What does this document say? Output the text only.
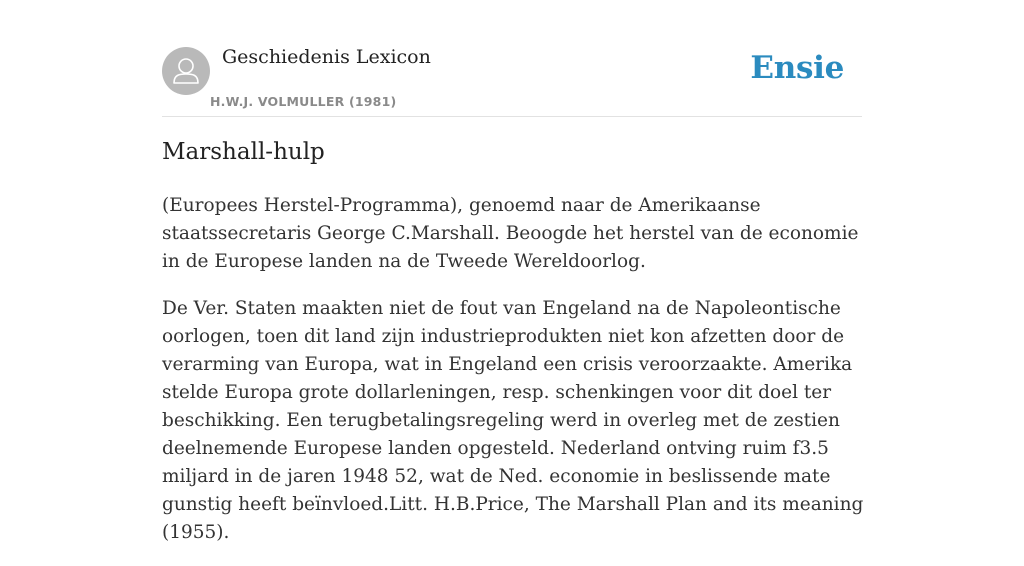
Geschiedenis Lexicon
H.W.J. VOLMULLER (1981)
Ensie
Marshall-hulp

(Europees Herstel-Programma), genoemd naar de Amerikaanse staatssecretaris George C.Marshall. Beoogde het herstel van de economie in de Europese landen na de Tweede Wereldoorlog.

De Ver. Staten maakten niet de fout van Engeland na de Napoleontische oorlogen, toen dit land zijn industrieprodukten niet kon afzetten door de verarming van Europa, wat in Engeland een crisis veroorzaakte. Amerika stelde Europa grote dollarleningen, resp. schenkingen voor dit doel ter beschikking. Een terugbetalingsregeling werd in overleg met de zestien deelnemende Europese landen opgesteld. Nederland ontving ruim f3.5 miljard in de jaren 1948 52, wat de Ned. economie in beslissende mate gunstig heeft beïnvloed.Litt. H.B.Price, The Marshall Plan and its meaning (1955).
